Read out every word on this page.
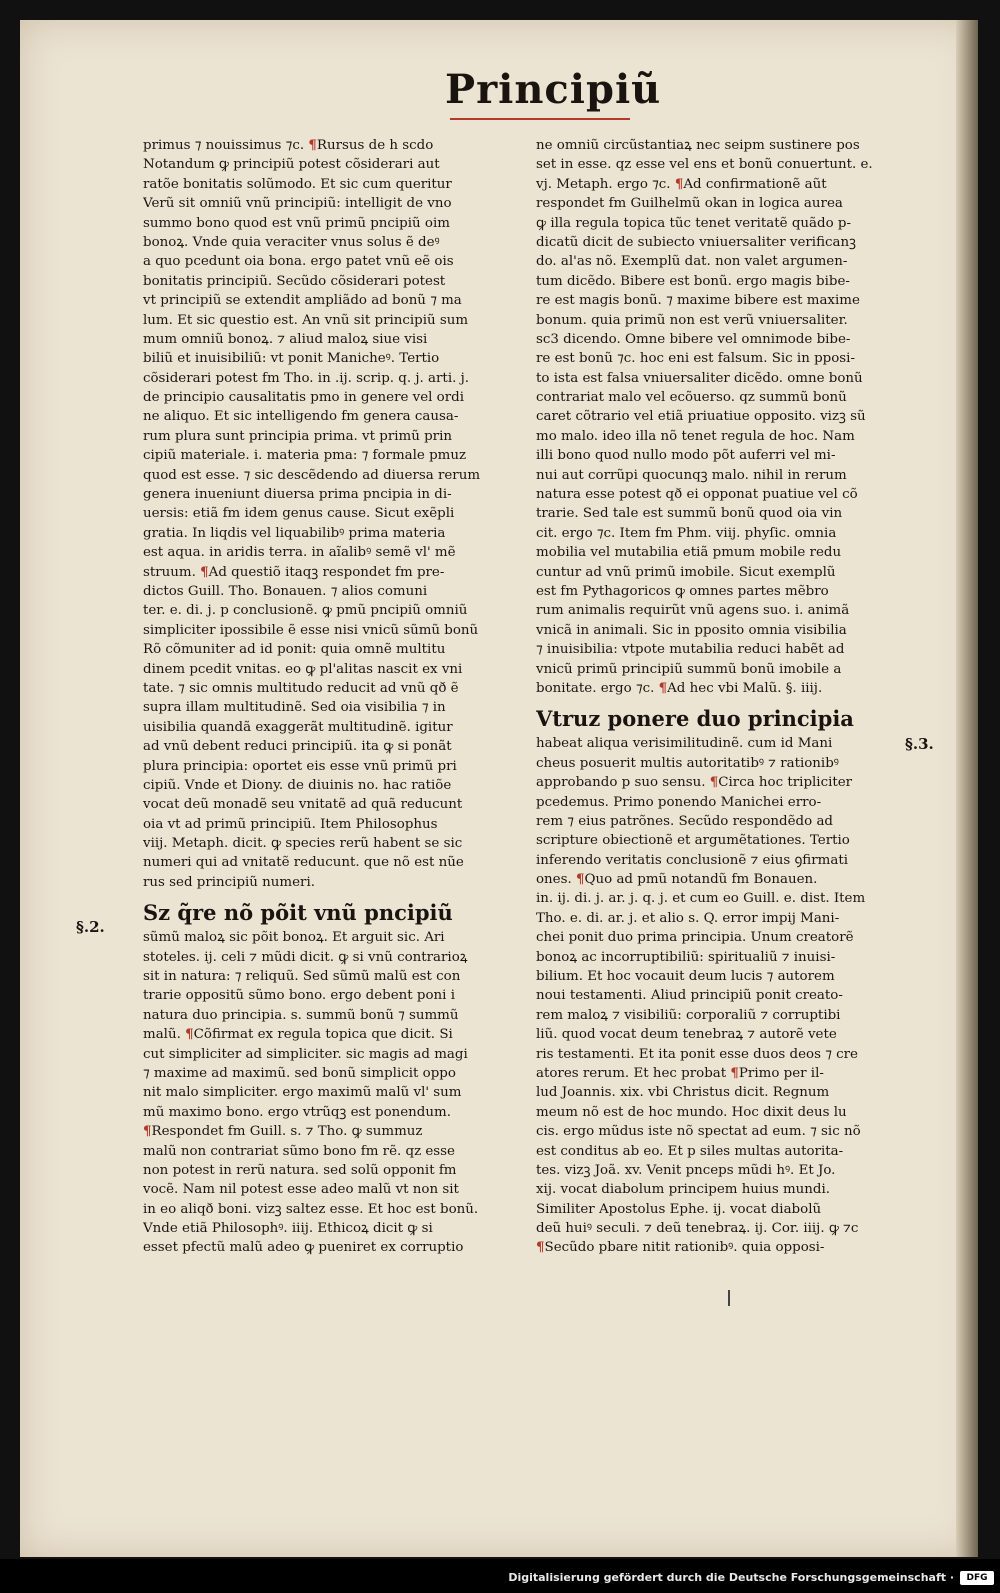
Principiũ
§.2.
§.3.
primus ⁊ nouissimus ⁊c. ¶Rursus de h scdo
Notandum ꝙ principiũ potest cõsiderari aut
ratõe bonitatis solũmodo. Et sic cum queritur
Verũ sit omniũ vnũ principiũ: intelligit de vno
summo bono quod est vnũ primũ pncipiũ oim
bonoꝝ. Vnde quia veraciter vnus solus ẽ deꝰ
a quo pcedunt oia bona. ergo patet vnũ eẽ ois
bonitatis principiũ. Secũdo cõsiderari potest
vt principiũ se extendit ampliãdo ad bonũ ⁊ ma
lum. Et sic questio est. An vnũ sit principiũ sum
mum omniũ bonoꝝ. ⁊ aliud maloꝝ siue visi
biliũ et inuisibiliũ: vt ponit Manicheꝰ. Tertio
cõsiderari potest fm Tho. in .ij. scrip. q. j. arti. j.
de principio causalitatis pmo in genere vel ordi
ne aliquo. Et sic intelligendo fm genera causa-
rum plura sunt principia prima. vt primũ prin
cipiũ materiale. i. materia pma: ⁊ formale pmuz
quod est esse. ⁊ sic descẽdendo ad diuersa rerum
genera inueniunt diuersa prima pncipia in di-
uersis: etiã fm idem genus cause. Sicut exẽpli
gratia. In liqdis vel liquabilibꝰ prima materia
est aqua. in aridis terra. in aĩalibꝰ semẽ vl' mẽ
struum. ¶Ad questiõ itaqꝫ respondet fm pre-
dictos Guill. Tho. Bonauen. ⁊ alios comuni
ter. e. di. j. p conclusionẽ. ꝙ pmũ pncipiũ omniũ
simpliciter ipossibile ẽ esse nisi vnicũ sũmũ bonũ
Rõ cõmuniter ad id ponit: quia omnẽ multitu
dinem pcedit vnitas. eo ꝙ pl'alitas nascit ex vni
tate. ⁊ sic omnis multitudo reducit ad vnũ qð ẽ
supra illam multitudinẽ. Sed oia visibilia ⁊ in
uisibilia quandã exaggerãt multitudinẽ. igitur
ad vnũ debent reduci principiũ. ita ꝙ si ponãt
plura principia: oportet eis esse vnũ primũ pri
cipiũ. Vnde et Diony. de diuinis no. hac ratiõe
vocat deũ monadẽ seu vnitatẽ ad quã reducunt
oia vt ad primũ principiũ. Item Philosophus
viij. Metaph. dicit. ꝙ species rerũ habent se sic
numeri qui ad vnitatẽ reducunt. que nõ est nũe
rus sed principiũ numeri.
Sz q̃re nõ põit vnũ pncipiũ
sũmũ maloꝝ sic põit bonoꝝ. Et arguit sic. Ari
stoteles. ij. celi ⁊ mũdi dicit. ꝙ si vnũ contrarioꝝ
sit in natura: ⁊ reliquũ. Sed sũmũ malũ est con
trarie oppositũ sũmo bono. ergo debent poni i
natura duo principia. s. summũ bonũ ⁊ summũ
malũ. ¶Cõfirmat ex regula topica que dicit. Si
cut simpliciter ad simpliciter. sic magis ad magi
⁊ maxime ad maximũ. sed bonũ simplicit oppo
nit malo simpliciter. ergo maximũ malũ vl' sum
mũ maximo bono. ergo vtrũqꝫ est ponendum.
¶Respondet fm Guill. s. ⁊ Tho. ꝙ summuz
malũ non contrariat sũmo bono fm rẽ. qz esse
non potest in rerũ natura. sed solũ opponit fm
vocẽ. Nam nil potest esse adeo malũ vt non sit
in eo aliqð boni. vizꝫ saltez esse. Et hoc est bonũ.
Vnde etiã Philosophꝰ. iiij. Ethicoꝝ dicit ꝙ si
esset pfectũ malũ adeo ꝙ pueniret ex corruptio
ne omniũ circũstantiaꝝ nec seipm sustinere pos
set in esse. qz esse vel ens et bonũ conuertunt. e.
vj. Metaph. ergo ⁊c. ¶Ad confirmationẽ aũt
respondet fm Guilhelmũ okan in logica aurea
ꝙ illa regula topica tũc tenet veritatẽ quãdo p-
dicatũ dicit de subiecto vniuersaliter verificanꝫ
do. al'as nõ. Exemplũ dat. non valet argumen-
tum dicẽdo. Bibere est bonũ. ergo magis bibe-
re est magis bonũ. ⁊ maxime bibere est maxime
bonum. quia primũ non est verũ vniuersaliter.
sc3 dicendo. Omne bibere vel omnimode bibe-
re est bonũ ⁊c. hoc eni est falsum. Sic in pposi-
to ista est falsa vniuersaliter dicẽdo. omne bonũ
contrariat malo vel ecõuerso. qz summũ bonũ
caret cõtrario vel etiã priuatiue opposito. vizꝫ sũ
mo malo. ideo illa nõ tenet regula de hoc. Nam
illi bono quod nullo modo põt auferri vel mi-
nui aut corrũpi quocunqꝫ malo. nihil in rerum
natura esse potest qð ei opponat puatiue vel cõ
trarie. Sed tale est summũ bonũ quod oia vin
cit. ergo ⁊c. Item fm Phm. viij. phyſic. omnia
mobilia vel mutabilia etiã pmum mobile redu
cuntur ad vnũ primũ imobile. Sicut exemplũ
est fm Pythagoricos ꝙ omnes partes mẽbro
rum animalis requirũt vnũ agens suo. i. animã
vnicã in animali. Sic in pposito omnia visibilia
⁊ inuisibilia: vtpote mutabilia reduci habẽt ad
vnicũ primũ principiũ summũ bonũ imobile a
bonitate. ergo ⁊c. ¶Ad hec vbi Malũ. §. iiij.
Vtruz ponere duo principia
habeat aliqua verisimilitudinẽ. cum id Mani
cheus posuerit multis autoritatibꝰ ⁊ rationibꝰ
approbando p suo sensu. ¶Circa hoc tripliciter
pcedemus. Primo ponendo Manichei erro-
rem ⁊ eius patrõnes. Secũdo respondẽdo ad
scripture obiectionẽ et argumẽtationes. Tertio
inferendo veritatis conclusionẽ ⁊ eius ꝯfirmati
ones. ¶Quo ad pmũ notandũ fm Bonauen.
in. ij. di. j. ar. j. q. j. et cum eo Guill. e. dist. Item
Tho. e. di. ar. j. et alio s. Q. error impij Mani-
chei ponit duo prima principia. Unum creatorẽ
bonoꝝ ac incorruptibiliũ: spiritualiũ ⁊ inuisi-
bilium. Et hoc vocauit deum lucis ⁊ autorem
noui testamenti. Aliud principiũ ponit creato-
rem maloꝝ ⁊ visibiliũ: corporaliũ ⁊ corruptibi
liũ. quod vocat deum tenebraꝝ ⁊ autorẽ vete
ris testamenti. Et ita ponit esse duos deos ⁊ cre
atores rerum. Et hec probat ¶Primo per il-
lud Joannis. xix. vbi Christus dicit. Regnum
meum nõ est de hoc mundo. Hoc dixit deus lu
cis. ergo mũdus iste nõ spectat ad eum. ⁊ sic nõ
est conditus ab eo. Et p siles multas autorita-
tes. vizꝫ Joã. xv. Venit pnceps mũdi hꝰ. Et Jo.
xij. vocat diabolum principem huius mundi.
Similiter Apostolus Ephe. ij. vocat diabolũ
deũ huiꝰ seculi. ⁊ deũ tenebraꝝ. ij. Cor. iiij. ꝙ ⁊c
¶Secũdo pbare nitit rationibꝰ. quia opposi-
Digitalisierung gefördert durch die Deutsche Forschungsgemeinschaft ·	DFG
